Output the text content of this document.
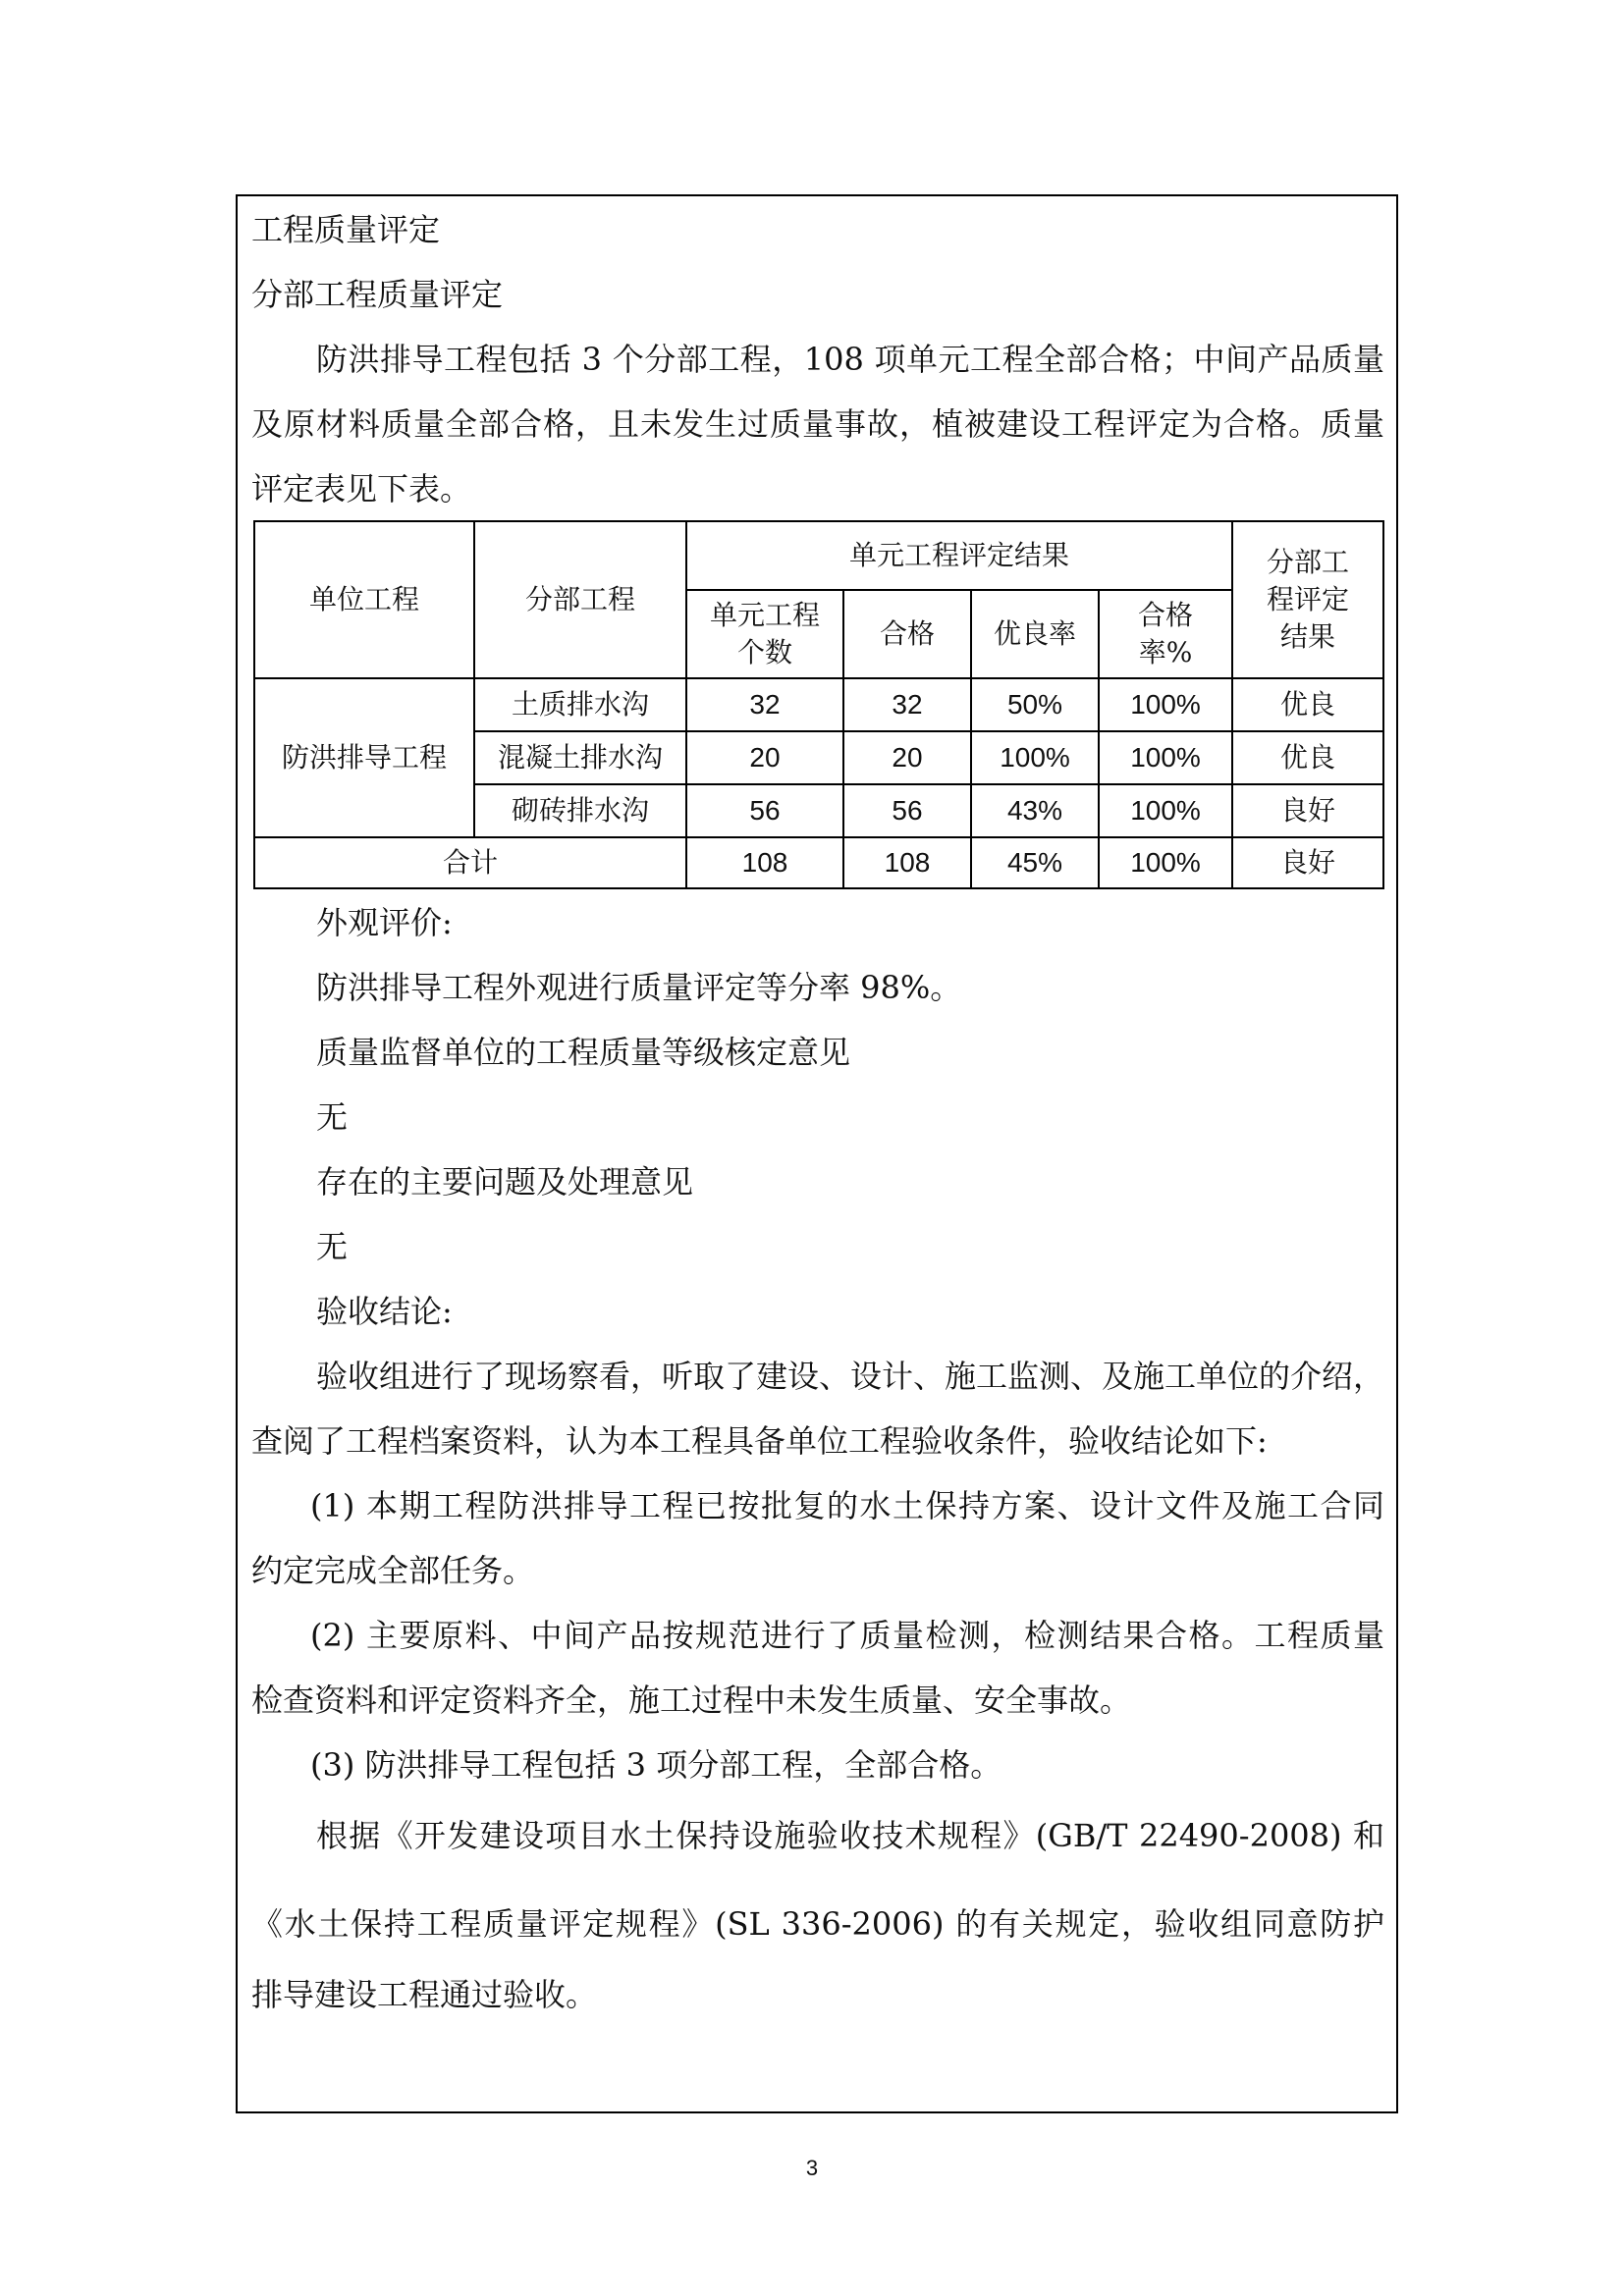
工程质量评定
分部工程质量评定
防洪排导工程包括 3 个分部工程，108 项单元工程全部合格；中间产品质量
及原材料质量全部合格，且未发生过质量事故，植被建设工程评定为合格。质量
评定表见下表。
单位工程	分部工程	单元工程评定结果				分部工程评定结果

		单元工程个数	合格	优良率	合格率%	

防洪排导工程	土质排水沟	32	32	50%	100%	优良
	混凝土排水沟	20	20	100%	100%	优良
	砌砖排水沟	56	56	43%	100%	良好
合计		108	108	45%	100%	良好
外观评价:
防洪排导工程外观进行质量评定等分率 98%。
质量监督单位的工程质量等级核定意见
无
存在的主要问题及处理意见
无
验收结论:
验收组进行了现场察看，听取了建设、设计、施工监测、及施工单位的介绍，
查阅了工程档案资料，认为本工程具备单位工程验收条件，验收结论如下:
(1) 本期工程防洪排导工程已按批复的水土保持方案、设计文件及施工合同
约定完成全部任务。
(2) 主要原料、中间产品按规范进行了质量检测，检测结果合格。工程质量
检查资料和评定资料齐全，施工过程中未发生质量、安全事故。
(3) 防洪排导工程包括 3 项分部工程，全部合格。
根据《开发建设项目水土保持设施验收技术规程》(GB/T 22490-2008) 和
《水土保持工程质量评定规程》(SL 336-2006) 的有关规定，验收组同意防护
排导建设工程通过验收。
3
